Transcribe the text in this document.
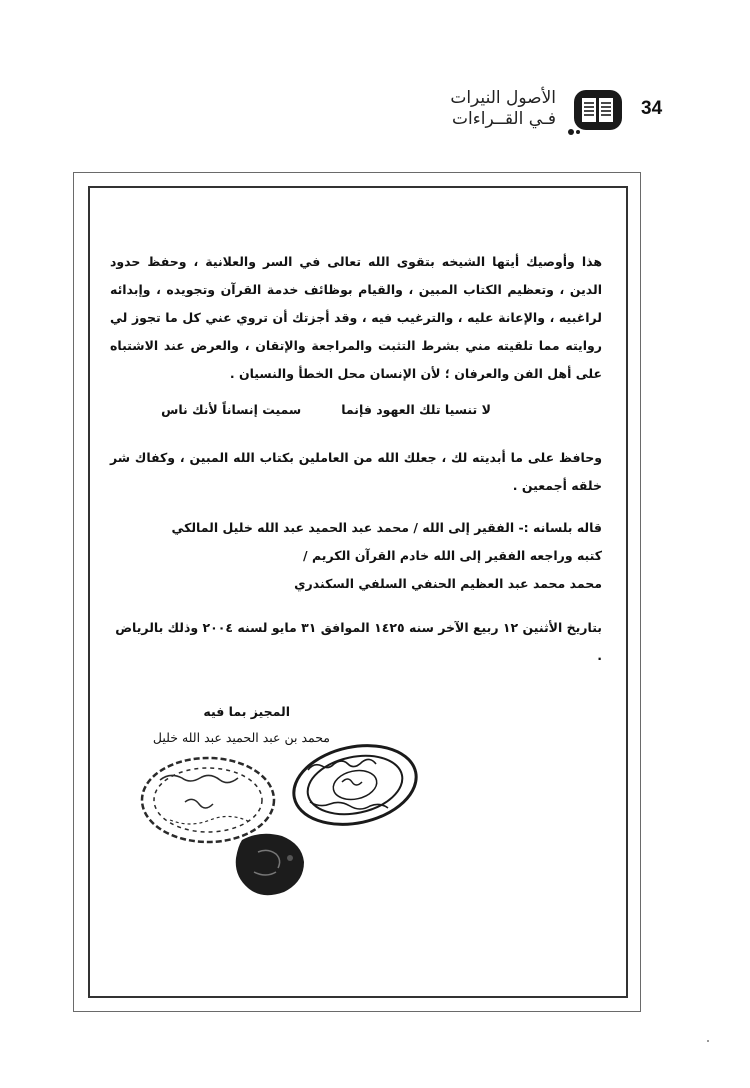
34
الأصول النيرات
فـي القــراءات
هذا وأوصيك أيتها الشيخه بتقوى الله تعالى في السر والعلانية ، وحفظ حدود الدين ، وتعظيم الكتاب المبين ، والقيام بوظائف خدمة القرآن وتجويده ، وإبدائه لراغبيه ، والإعانة عليه ، والترغيب فيه ، وقد أجزتك أن تروي عني كل ما تجوز لي روايته مما تلقيته مني بشرط التثبت والمراجعة والإتقان ، والعرض عند الاشتباه على أهل الفن والعرفان ؛ لأن الإنسان محل الخطأ والنسيان .
لا تنسيا تلك العهود فإنما
سميت إنساناً لأنك ناس
وحافظ على ما أبديته لك ، جعلك الله من العاملين بكتاب الله المبين ، وكفاك شر خلقه أجمعين .
قاله بلسانه :- الفقير إلى الله / محمد عبد الحميد عبد الله خليل المالكي
كتبه وراجعه الفقير إلى الله خادم القرآن الكريم /
محمد محمد عبد العظيم الحنفي السلفي السكندري
بتاريخ الأثنين ١٢ ربيع الآخر سنه ١٤٢٥ الموافق ٣١ مايو لسنه ٢٠٠٤ وذلك بالرياض .
المجيز بما فيه
محمد بن عبد الحميد عبد الله خليل
